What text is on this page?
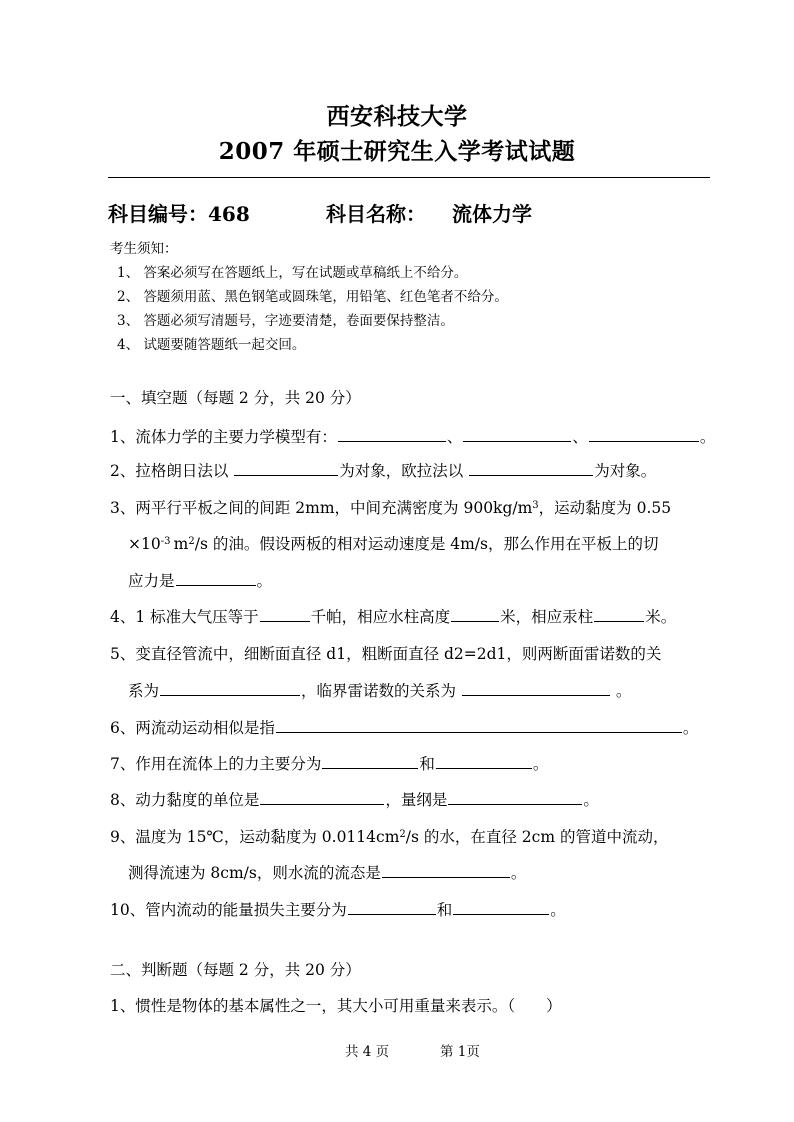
西安科技大学
2007 年硕士研究生入学考试试题
科目编号：468	科目名称： 流体力学
考生须知：
1、 答案必须写在答题纸上，写在试题或草稿纸上不给分。
2、 答题须用蓝、黑色钢笔或圆珠笔，用铅笔、红色笔者不给分。
3、 答题必须写清题号，字迹要清楚，卷面要保持整洁。
4、 试题要随答题纸一起交回。
一、填空题（每题 2 分，共 20 分）
1、流体力学的主要力学模型有：	、	、	。
2、拉格朗日法以	为对象，欧拉法以	为对象。
3、两平行平板之间的间距 2mm，中间充满密度为 $900kg/m^3$，运动黏度为 0.55
$\times 10^{-3}$ $m^2/s$ 的油。假设两板的相对运动速度是 4m/s，那么作用在平板上的切
应力是	。
4、1 标准大气压等于	千帕，相应水柱高度	米，相应汞柱	米。
5、变直径管流中，细断面直径 d1，粗断面直径 d2=2d1，则两断面雷诺数的关
系为	，临界雷诺数的关系为	。
6、两流动运动相似是指	。
7、作用在流体上的力主要分为	和	。
8、动力黏度的单位是	，量纲是	。
9、温度为 15℃，运动黏度为 $0.0114cm^2/s$ 的水，在直径 2cm 的管道中流动，
测得流速为 8cm/s，则水流的流态是	。
10、管内流动的能量损失主要分为	和	。
二、判断题（每题 2 分，共 20 分）
1、惯性是物体的基本属性之一，其大小可用重量来表示。（　　）
共 4 页	第 1页
